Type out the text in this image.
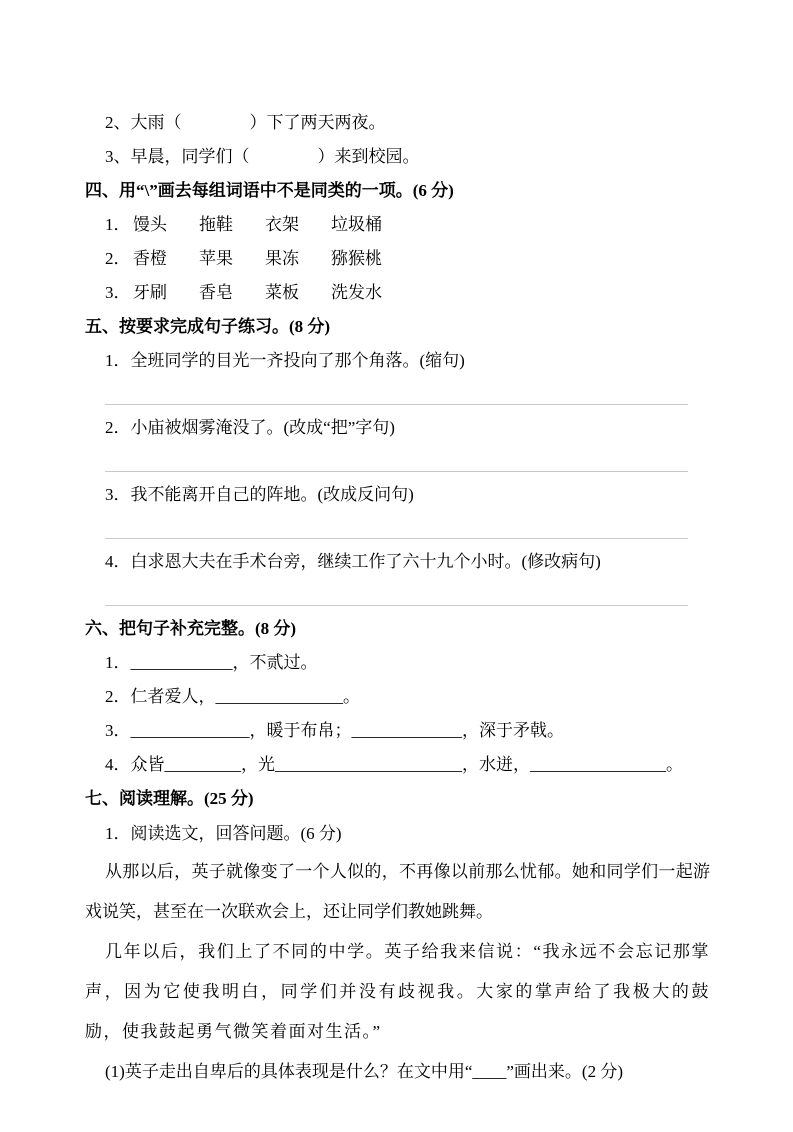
2、大雨（　　　　）下了两天两夜。
3、早晨，同学们（　　　　）来到校园。
四、用“\”画去每组词语中不是同类的一项。(6 分)
1． 馒头	拖鞋	衣架	垃圾桶
2． 香橙	苹果	果冻	猕猴桃
3． 牙刷	香皂	菜板	洗发水
五、按要求完成句子练习。(8 分)
1．全班同学的目光一齐投向了那个角落。(缩句)
2．小庙被烟雾淹没了。(改成“把”字句)
3．我不能离开自己的阵地。(改成反问句)
4．白求恩大夫在手术台旁，继续工作了六十九个小时。(修改病句)
六、把句子补充完整。(8 分)
1．____________，不贰过。
2．仁者爱人，_______________。
3．______________，暖于布帛；_____________，深于矛戟。
4．众皆_________，光______________________，水迸，________________。
七、阅读理解。(25 分)
1．阅读选文，回答问题。(6 分)

从那以后，英子就像变了一个人似的，不再像以前那么忧郁。她和同学们一起游戏说笑，甚至在一次联欢会上，还让同学们教她跳舞。

几年以后，我们上了不同的中学。英子给我来信说：“我永远不会忘记那掌声，因为它使我明白，同学们并没有歧视我。大家的掌声给了我极大的鼓励，使我鼓起勇气微笑着面对生活。”

(1)英子走出自卑后的具体表现是什么？在文中用“____”画出来。(2 分)
